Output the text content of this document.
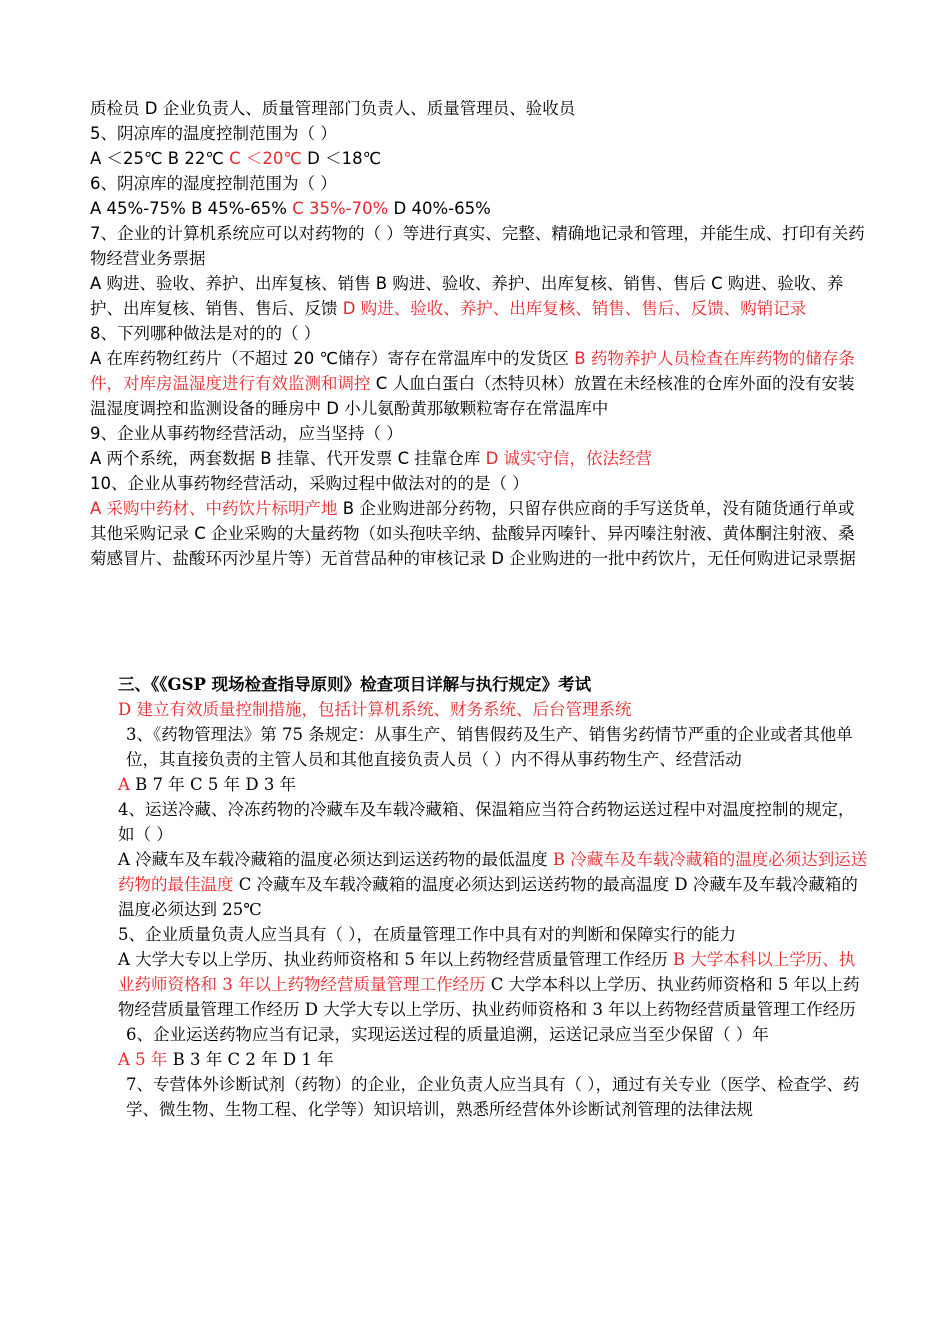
质检员 D 企业负责人、质量管理部门负责人、质量管理员、验收员

5、阴凉库的温度控制范围为（ ）

A ＜25℃ B 22℃ C ＜20℃ D ＜18℃

6、阴凉库的湿度控制范围为（ ）

A 45%-75% B 45%-65% C 35%-70% D 40%-65%

7、企业的计算机系统应可以对药物的（ ）等进行真实、完整、精确地记录和管理，并能生成、打印有关药物经营业务票据

A 购进、验收、养护、出库复核、销售 B 购进、验收、养护、出库复核、销售、售后 C 购进、验收、养护、出库复核、销售、售后、反馈 D 购进、验收、养护、出库复核、销售、售后、反馈、购销记录

8、下列哪种做法是对的的（ ）

A 在库药物红药片（不超过 20 ℃储存）寄存在常温库中的发货区 B 药物养护人员检查在库药物的储存条件，对库房温湿度进行有效监测和调控 C 人血白蛋白（杰特贝林）放置在未经核准的仓库外面的没有安装温湿度调控和监测设备的睡房中 D 小儿氨酚黄那敏颗粒寄存在常温库中

9、企业从事药物经营活动，应当坚持（ ）

A 两个系统，两套数据 B 挂靠、代开发票 C 挂靠仓库 D 诚实守信，依法经营

10、企业从事药物经营活动，采购过程中做法对的的是（ ）

A 采购中药材、中药饮片标明产地 B 企业购进部分药物，只留存供应商的手写送货单，没有随货通行单或其他采购记录 C 企业采购的大量药物（如头孢呋辛纳、盐酸异丙嗪针、异丙嗪注射液、黄体酮注射液、桑菊感冒片、盐酸环丙沙星片等）无首营品种的审核记录 D 企业购进的一批中药饮片，无任何购进记录票据

三、《《GSP 现场检查指导原则》检查项目详解与执行规定》考试

D 建立有效质量控制措施，包括计算机系统、财务系统、后台管理系统

3、《药物管理法》第 75 条规定：从事生产、销售假药及生产、销售劣药情节严重的企业或者其他单位，其直接负责的主管人员和其他直接负责人员（ ）内不得从事药物生产、经营活动

A B 7 年 C 5 年 D 3 年

4、运送冷藏、冷冻药物的冷藏车及车载冷藏箱、保温箱应当符合药物运送过程中对温度控制的规定，如（ ）

A 冷藏车及车载冷藏箱的温度必须达到运送药物的最低温度 B 冷藏车及车载冷藏箱的温度必须达到运送药物的最佳温度 C 冷藏车及车载冷藏箱的温度必须达到运送药物的最高温度 D 冷藏车及车载冷藏箱的温度必须达到 25℃

5、企业质量负责人应当具有（ ），在质量管理工作中具有对的判断和保障实行的能力

A 大学大专以上学历、执业药师资格和 5 年以上药物经营质量管理工作经历 B 大学本科以上学历、执业药师资格和 3 年以上药物经营质量管理工作经历 C 大学本科以上学历、执业药师资格和 5 年以上药物经营质量管理工作经历 D 大学大专以上学历、执业药师资格和 3 年以上药物经营质量管理工作经历

6、企业运送药物应当有记录，实现运送过程的质量追溯，运送记录应当至少保留（ ）年

A 5 年 B 3 年 C 2 年 D 1 年

7、专营体外诊断试剂（药物）的企业，企业负责人应当具有（ ），通过有关专业（医学、检查学、药学、微生物、生物工程、化学等）知识培训，熟悉所经营体外诊断试剂管理的法律法规
